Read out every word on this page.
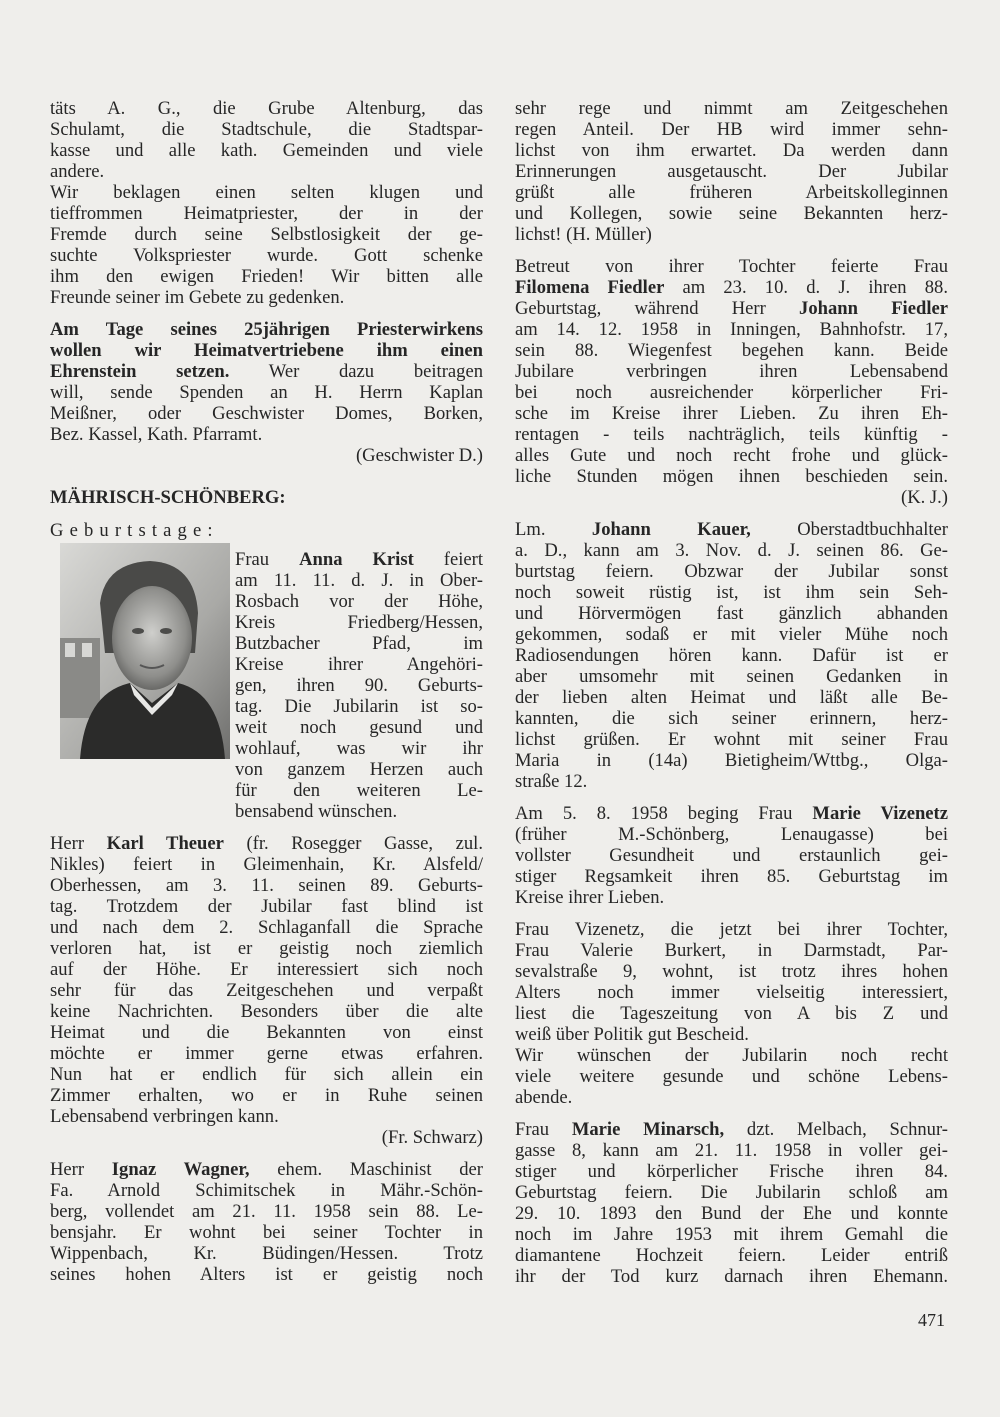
täts A. G., die Grube Altenburg, das
Schulamt, die Stadtschule, die Stadtspar-
kasse und alle kath. Gemeinden und viele
andere.
Wir beklagen einen selten klugen und
tieffrommen Heimatpriester, der in der
Fremde durch seine Selbstlosigkeit der ge-
suchte Volkspriester wurde. Gott schenke
ihm den ewigen Frieden! Wir bitten alle
Freunde seiner im Gebete zu gedenken.
Am Tage seines 25jährigen Priesterwirkens
wollen wir Heimatvertriebene ihm einen
Ehrenstein setzen. Wer dazu beitragen
will, sende Spenden an H. Herrn Kaplan
Meißner, oder Geschwister Domes, Borken,
Bez. Kassel, Kath. Pfarramt.
(Geschwister D.)
MÄHRISCH-SCHÖNBERG:
Geburtstage:
Frau Anna Krist feiert
am 11. 11. d. J. in Ober-
Rosbach vor der Höhe,
Kreis Friedberg/Hessen,
Butzbacher Pfad, im
Kreise ihrer Angehöri-
gen, ihren 90. Geburts-
tag. Die Jubilarin ist so-
weit noch gesund und
wohlauf, was wir ihr
von ganzem Herzen auch
für den weiteren Le-
bensabend wünschen.
Herr Karl Theuer (fr. Rosegger Gasse, zul.
Nikles) feiert in Gleimenhain, Kr. Alsfeld/
Oberhessen, am 3. 11. seinen 89. Geburts-
tag. Trotzdem der Jubilar fast blind ist
und nach dem 2. Schlaganfall die Sprache
verloren hat, ist er geistig noch ziemlich
auf der Höhe. Er interessiert sich noch
sehr für das Zeitgeschehen und verpaßt
keine Nachrichten. Besonders über die alte
Heimat und die Bekannten von einst
möchte er immer gerne etwas erfahren.
Nun hat er endlich für sich allein ein
Zimmer erhalten, wo er in Ruhe seinen
Lebensabend verbringen kann.
(Fr. Schwarz)
Herr Ignaz Wagner, ehem. Maschinist der
Fa. Arnold Schimitschek in Mähr.-Schön-
berg, vollendet am 21. 11. 1958 sein 88. Le-
bensjahr. Er wohnt bei seiner Tochter in
Wippenbach, Kr. Büdingen/Hessen. Trotz
seines hohen Alters ist er geistig noch
sehr rege und nimmt am Zeitgeschehen
regen Anteil. Der HB wird immer sehn-
lichst von ihm erwartet. Da werden dann
Erinnerungen ausgetauscht. Der Jubilar
grüßt alle früheren Arbeitskolleginnen
und Kollegen, sowie seine Bekannten herz-
lichst! (H. Müller)
Betreut von ihrer Tochter feierte Frau
Filomena Fiedler am 23. 10. d. J. ihren 88.
Geburtstag, während Herr Johann Fiedler
am 14. 12. 1958 in Inningen, Bahnhofstr. 17,
sein 88. Wiegenfest begehen kann. Beide
Jubilare verbringen ihren Lebensabend
bei noch ausreichender körperlicher Fri-
sche im Kreise ihrer Lieben. Zu ihren Eh-
rentagen - teils nachträglich, teils künftig -
alles Gute und noch recht frohe und glück-
liche Stunden mögen ihnen beschieden sein.
(K. J.)
Lm. Johann Kauer, Oberstadtbuchhalter
a. D., kann am 3. Nov. d. J. seinen 86. Ge-
burtstag feiern. Obzwar der Jubilar sonst
noch soweit rüstig ist, ist ihm sein Seh-
und Hörvermögen fast gänzlich abhanden
gekommen, sodaß er mit vieler Mühe noch
Radiosendungen hören kann. Dafür ist er
aber umsomehr mit seinen Gedanken in
der lieben alten Heimat und läßt alle Be-
kannten, die sich seiner erinnern, herz-
lichst grüßen. Er wohnt mit seiner Frau
Maria in (14a) Bietigheim/Wttbg., Olga-
straße 12.
Am 5. 8. 1958 beging Frau Marie Vizenetz
(früher M.-Schönberg, Lenaugasse) bei
vollster Gesundheit und erstaunlich gei-
stiger Regsamkeit ihren 85. Geburtstag im
Kreise ihrer Lieben.
Frau Vizenetz, die jetzt bei ihrer Tochter,
Frau Valerie Burkert, in Darmstadt, Par-
sevalstraße 9, wohnt, ist trotz ihres hohen
Alters noch immer vielseitig interessiert,
liest die Tageszeitung von A bis Z und
weiß über Politik gut Bescheid.
Wir wünschen der Jubilarin noch recht
viele weitere gesunde und schöne Lebens-
abende.
Frau Marie Minarsch, dzt. Melbach, Schnur-
gasse 8, kann am 21. 11. 1958 in voller gei-
stiger und körperlicher Frische ihren 84.
Geburtstag feiern. Die Jubilarin schloß am
29. 10. 1893 den Bund der Ehe und konnte
noch im Jahre 1953 mit ihrem Gemahl die
diamantene Hochzeit feiern. Leider entriß
ihr der Tod kurz darnach ihren Ehemann.
471
